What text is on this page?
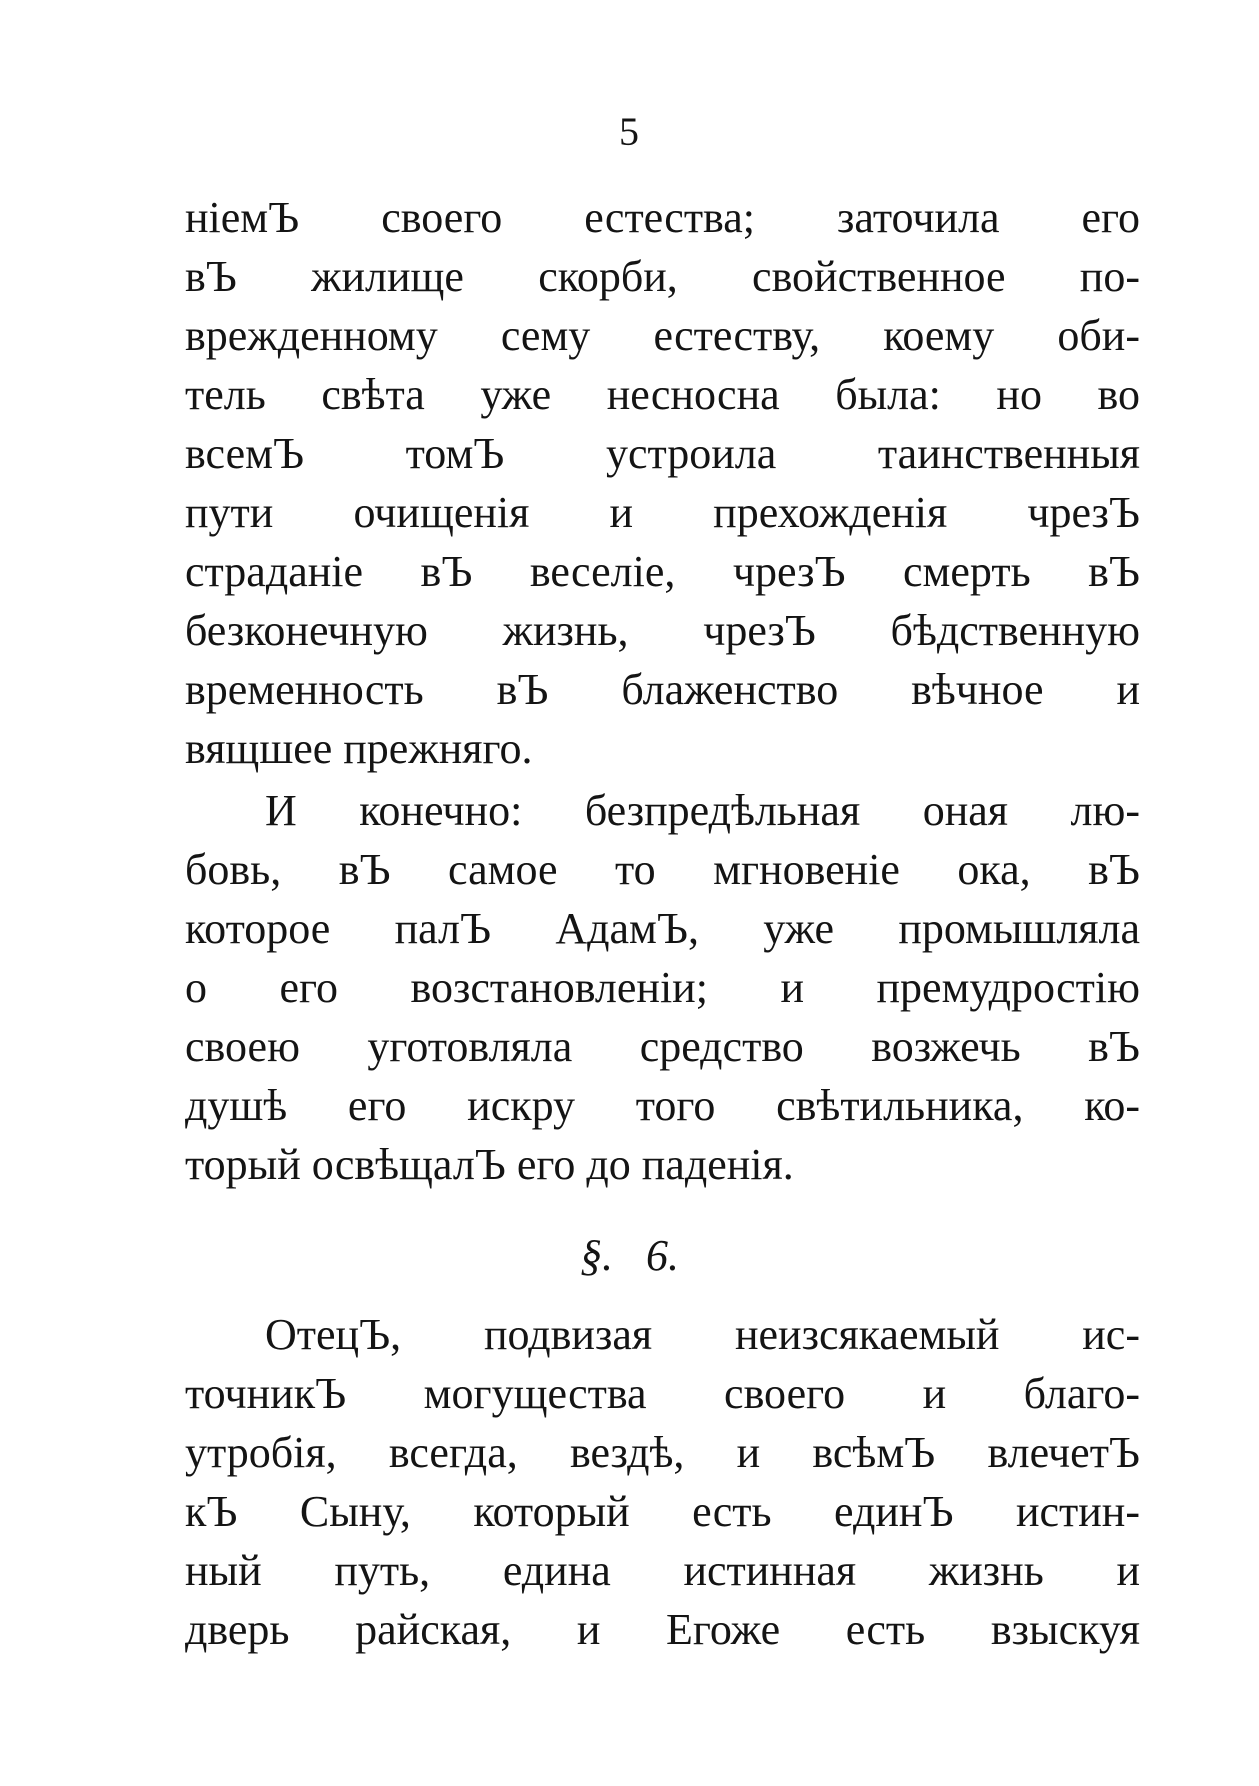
5
ніемЪ своего естества; заточила его
вЪ жилище скорби, свойственное по-
врежденному сему естеству, коему оби-
тель свѣта уже несносна была: но во
всемЪ томЪ устроила таинственныя
пути очищенія и прехожденія чрезЪ
страданіе вЪ веселіе, чрезЪ смерть вЪ
безконечную жизнь, чрезЪ бѣдственную
временность вЪ блаженство вѣчное и
вящшее прежняго.
И конечно: безпредѣльная оная лю-
бовь, вЪ самое то мгновеніе ока, вЪ
которое палЪ АдамЪ, уже промышляла
о его возстановленіи; и премудростію
своею уготовляла средство возжечь вЪ
душѣ его искру того свѣтильника, ко-
торый освѣщалЪ его до паденія.
§. 6.
ОтецЪ, подвизая неизсякаемый ис-
точникЪ могущества своего и благо-
утробія, всегда, вездѣ, и всѣмЪ влечетЪ
кЪ Сыну, который есть единЪ истин-
ный путь, едина истинная жизнь и
дверь райская, и Егоже есть взыскуя
